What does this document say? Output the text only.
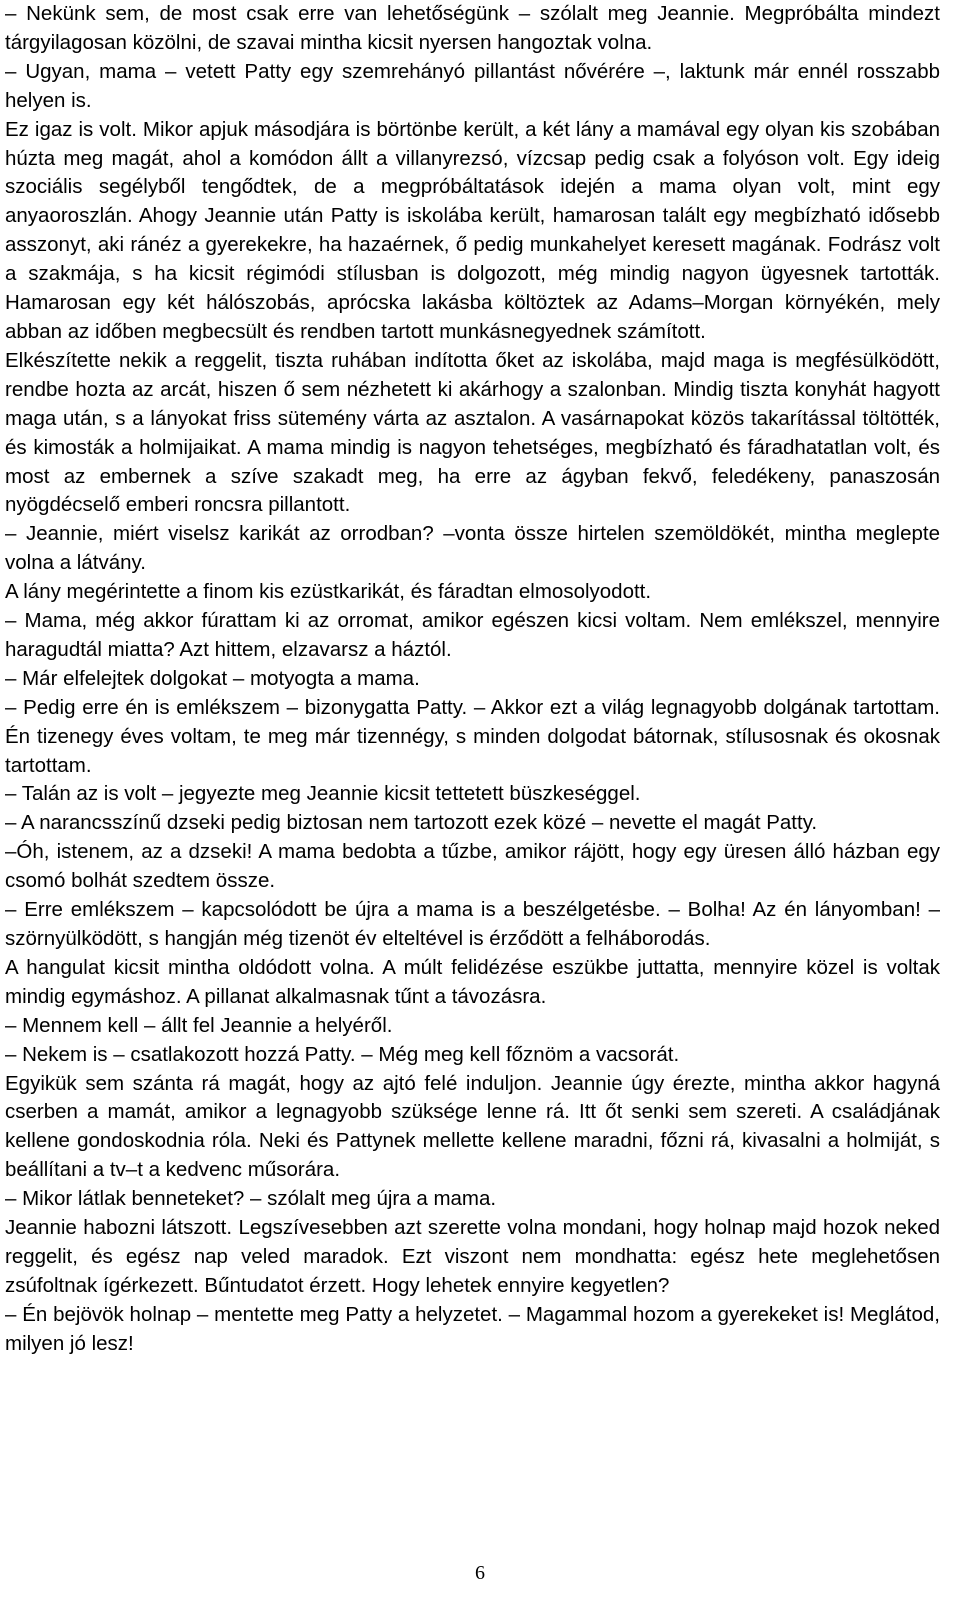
– Nekünk sem, de most csak erre van lehetőségünk – szólalt meg Jeannie. Megpróbálta mindezt tárgyilagosan közölni, de szavai mintha kicsit nyersen hangoztak volna.

– Ugyan, mama – vetett Patty egy szemrehányó pillantást nővérére –, laktunk már ennél rosszabb helyen is.

Ez igaz is volt. Mikor apjuk másodjára is börtönbe került, a két lány a mamával egy olyan kis szobában húzta meg magát, ahol a komódon állt a villanyrezsó, vízcsap pedig csak a folyóson volt. Egy ideig szociális segélyből tengődtek, de a megpróbáltatások idején a mama olyan volt, mint egy anyaoroszlán. Ahogy Jeannie után Patty is iskolába került, hamarosan talált egy megbízható idősebb asszonyt, aki ránéz a gyerekekre, ha hazaérnek, ő pedig munkahelyet keresett magának. Fodrász volt a szakmája, s ha kicsit régimódi stílusban is dolgozott, még mindig nagyon ügyesnek tartották. Hamarosan egy két hálószobás, aprócska lakásba költöztek az Adams–Morgan környékén, mely abban az időben megbecsült és rendben tartott munkásnegyednek számított.

Elkészítette nekik a reggelit, tiszta ruhában indította őket az iskolába, majd maga is megfésülködött, rendbe hozta az arcát, hiszen ő sem nézhetett ki akárhogy a szalonban. Mindig tiszta konyhát hagyott maga után, s a lányokat friss sütemény várta az asztalon. A vasárnapokat közös takarítással töltötték, és kimosták a holmijaikat. A mama mindig is nagyon tehetséges, megbízható és fáradhatatlan volt, és most az embernek a szíve szakadt meg, ha erre az ágyban fekvő, feledékeny, panaszosán nyögdécselő emberi roncsra pillantott.

– Jeannie, miért viselsz karikát az orrodban? –vonta össze hirtelen szemöldökét, mintha meglepte volna a látvány.

A lány megérintette a finom kis ezüstkarikát, és fáradtan elmosolyodott.

– Mama, még akkor fúrattam ki az orromat, amikor egészen kicsi voltam. Nem emlékszel, mennyire haragudtál miatta? Azt hittem, elzavarsz a háztól.

– Már elfelejtek dolgokat – motyogta a mama.

– Pedig erre én is emlékszem – bizonygatta Patty. – Akkor ezt a világ legnagyobb dolgának tartottam. Én tizenegy éves voltam, te meg már tizennégy, s minden dolgodat bátornak, stílusosnak és okosnak tartottam.

– Talán az is volt – jegyezte meg Jeannie kicsit tettetett büszkeséggel.

– A narancsszínű dzseki pedig biztosan nem tartozott ezek közé – nevette el magát Patty.

–Óh, istenem, az a dzseki! A mama bedobta a tűzbe, amikor rájött, hogy egy üresen álló házban egy csomó bolhát szedtem össze.

– Erre emlékszem – kapcsolódott be újra a mama is a beszélgetésbe. – Bolha! Az én lányomban! – szörnyülködött, s hangján még tizenöt év elteltével is érződött a felháborodás.

A hangulat kicsit mintha oldódott volna. A múlt felidézése eszükbe juttatta, mennyire közel is voltak mindig egymáshoz. A pillanat alkalmasnak tűnt a távozásra.

– Mennem kell – állt fel Jeannie a helyéről.

– Nekem is – csatlakozott hozzá Patty. – Még meg kell főznöm a vacsorát.

Egyikük sem szánta rá magát, hogy az ajtó felé induljon. Jeannie úgy érezte, mintha akkor hagyná cserben a mamát, amikor a legnagyobb szüksége lenne rá. Itt őt senki sem szereti. A családjának kellene gondoskodnia róla. Neki és Pattynek mellette kellene maradni, főzni rá, kivasalni a holmiját, s beállítani a tv–t a kedvenc műsorára.

– Mikor látlak benneteket? – szólalt meg újra a mama.

Jeannie habozni látszott. Legszívesebben azt szerette volna mondani, hogy holnap majd hozok neked reggelit, és egész nap veled maradok. Ezt viszont nem mondhatta: egész hete meglehetősen zsúfoltnak ígérkezett. Bűntudatot érzett. Hogy lehetek ennyire kegyetlen?

– Én bejövök holnap – mentette meg Patty a helyzetet. – Magammal hozom a gyerekeket is! Meglátod, milyen jó lesz!

6
